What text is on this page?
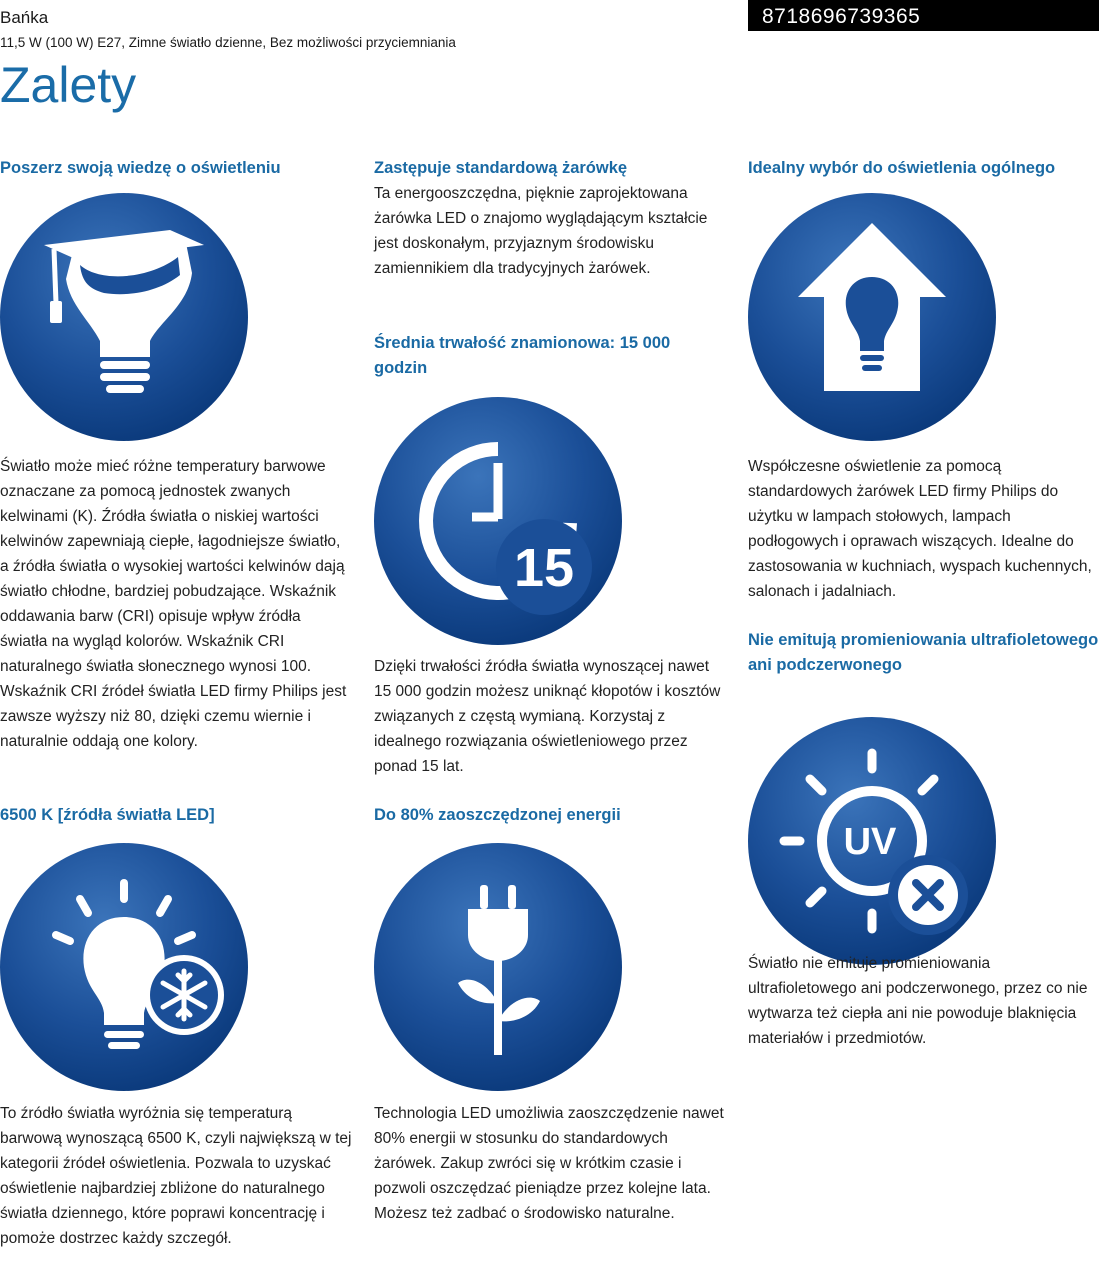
Bańka
11,5 W (100 W) E27, Zimne światło dzienne, Bez możliwości przyciemniania
8718696739365
Zalety

Poszerz swoją wiedzę o oświetleniu

Światło może mieć różne temperatury barwowe oznaczane za pomocą jednostek zwanych kelwinami (K). Źródła światła o niskiej wartości kelwinów zapewniają ciepłe, łagodniejsze światło, a źródła światła o wysokiej wartości kelwinów dają światło chłodne, bardziej pobudzające. Wskaźnik oddawania barw (CRI) opisuje wpływ źródła światła na wygląd kolorów. Wskaźnik CRI naturalnego światła słonecznego wynosi 100. Wskaźnik CRI źródeł światła LED firmy Philips jest zawsze wyższy niż 80, dzięki czemu wiernie i naturalnie oddają one kolory.

6500 K [źródła światła LED]

To źródło światła wyróżnia się temperaturą barwową wynoszącą 6500 K, czyli największą w tej kategorii źródeł oświetlenia. Pozwala to uzyskać oświetlenie najbardziej zbliżone do naturalnego światła dziennego, które poprawi koncentrację i pomoże dostrzec każdy szczegół.

Zastępuje standardową żarówkę

Ta energooszczędna, pięknie zaprojektowana żarówka LED o znajomo wyglądającym kształcie jest doskonałym, przyjaznym środowisku zamiennikiem dla tradycyjnych żarówek.

Średnia trwałość znamionowa: 15 000 godzin

15

Dzięki trwałości źródła światła wynoszącej nawet 15 000 godzin możesz uniknąć kłopotów i kosztów związanych z częstą wymianą. Korzystaj z idealnego rozwiązania oświetleniowego przez ponad 15 lat.

Do 80% zaoszczędzonej energii

Technologia LED umożliwia zaoszczędzenie nawet 80% energii w stosunku do standardowych żarówek. Zakup zwróci się w krótkim czasie i pozwoli oszczędzać pieniądze przez kolejne lata. Możesz też zadbać o środowisko naturalne.

Idealny wybór do oświetlenia ogólnego

Współczesne oświetlenie za pomocą standardowych żarówek LED firmy Philips do użytku w lampach stołowych, lampach podłogowych i oprawach wiszących. Idealne do zastosowania w kuchniach, wyspach kuchennych, salonach i jadalniach.

Nie emitują promieniowania ultrafioletowego ani podczerwonego

UV

Światło nie emituje promieniowania ultrafioletowego ani podczerwonego, przez co nie wytwarza też ciepła ani nie powoduje blaknięcia materiałów i przedmiotów.
